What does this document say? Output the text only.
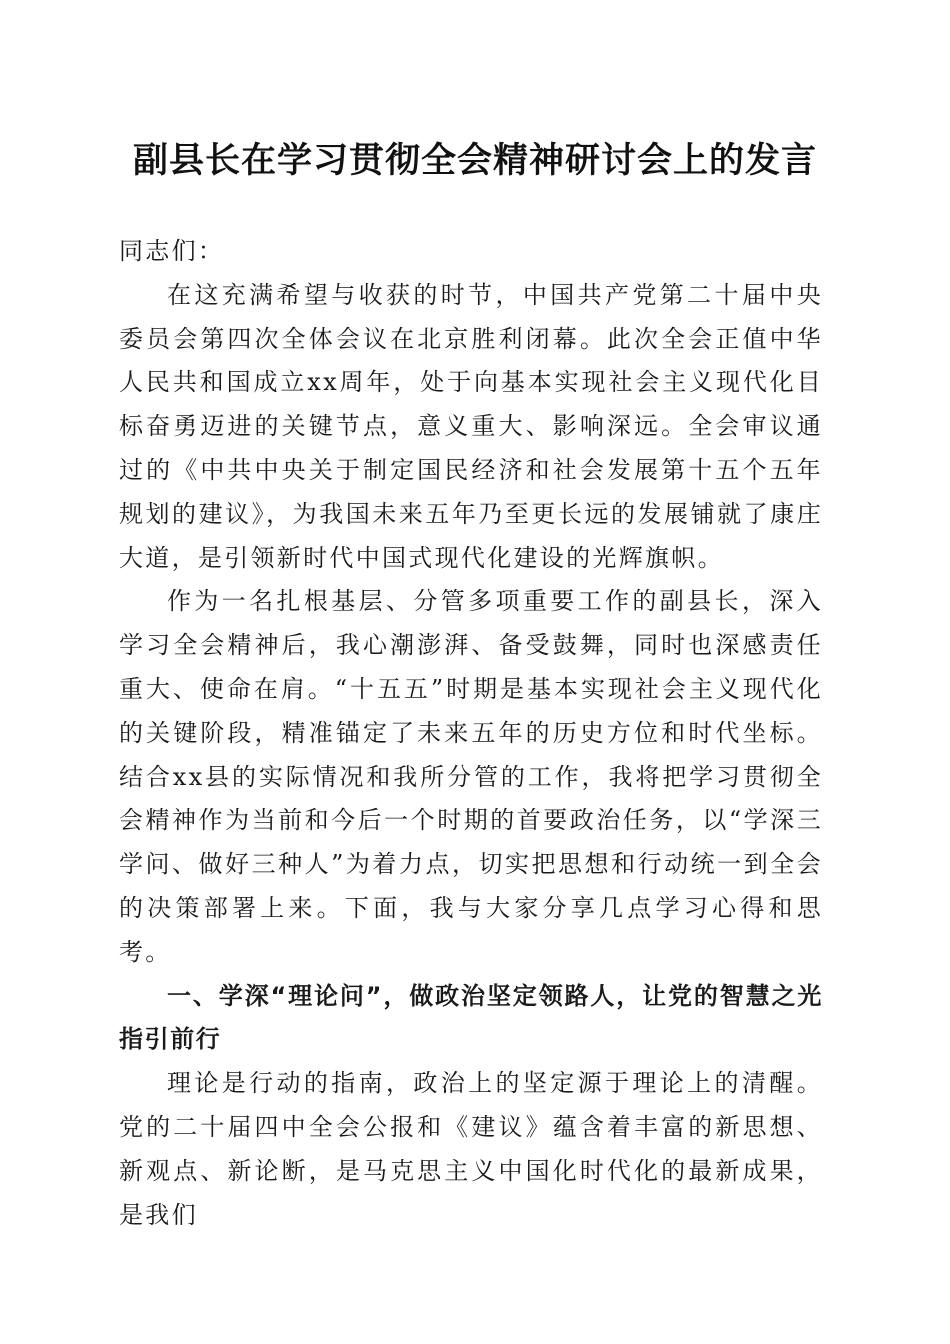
副县长在学习贯彻全会精神研讨会上的发言

同志们：

在这充满希望与收获的时节，中国共产党第二十届中央委员会第四次全体会议在北京胜利闭幕。此次全会正值中华人民共和国成立xx周年，处于向基本实现社会主义现代化目标奋勇迈进的关键节点，意义重大、影响深远。全会审议通过的《中共中央关于制定国民经济和社会发展第十五个五年规划的建议》，为我国未来五年乃至更长远的发展铺就了康庄大道，是引领新时代中国式现代化建设的光辉旗帜。

作为一名扎根基层、分管多项重要工作的副县长，深入学习全会精神后，我心潮澎湃、备受鼓舞，同时也深感责任重大、使命在肩。“十五五”时期是基本实现社会主义现代化的关键阶段，精准锚定了未来五年的历史方位和时代坐标。结合xx县的实际情况和我所分管的工作，我将把学习贯彻全会精神作为当前和今后一个时期的首要政治任务，以“学深三学问、做好三种人”为着力点，切实把思想和行动统一到全会的决策部署上来。下面，我与大家分享几点学习心得和思考。

一、学深“理论问”，做政治坚定领路人，让党的智慧之光指引前行

理论是行动的指南，政治上的坚定源于理论上的清醒。党的二十届四中全会公报和《建议》蕴含着丰富的新思想、新观点、新论断，是马克思主义中国化时代化的最新成果，是我们
